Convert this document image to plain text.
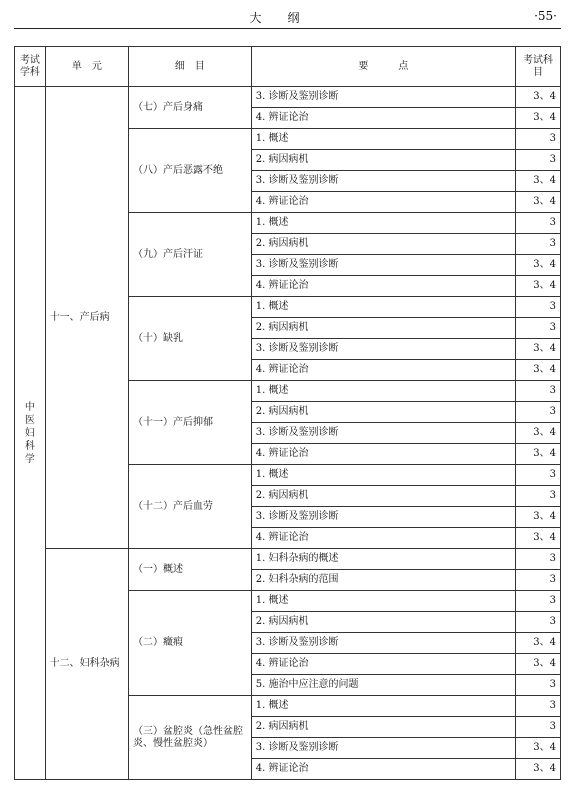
大纲	·55·
考试学科	单　元	细　目	要　　　点	考试科目
中医妇科学	十一、产后病	（七）产后身痛	3. 诊断及鉴别诊断	3、4
			4. 辨证论治	3、4
		（八）产后恶露不绝	1. 概述	3
			2. 病因病机	3
			3. 诊断及鉴别诊断	3、4
			4. 辨证论治	3、4
		（九）产后汗证	1. 概述	3
			2. 病因病机	3
			3. 诊断及鉴别诊断	3、4
			4. 辨证论治	3、4
		（十）缺乳	1. 概述	3
			2. 病因病机	3
			3. 诊断及鉴别诊断	3、4
			4. 辨证论治	3、4
		（十一）产后抑郁	1. 概述	3
			2. 病因病机	3
			3. 诊断及鉴别诊断	3、4
			4. 辨证论治	3、4
		（十二）产后血劳	1. 概述	3
			2. 病因病机	3
			3. 诊断及鉴别诊断	3、4
			4. 辨证论治	3、4
	十二、妇科杂病	（一）概述	1. 妇科杂病的概述	3
			2. 妇科杂病的范围	3
		（二）癥瘕	1. 概述	3
			2. 病因病机	3
			3. 诊断及鉴别诊断	3、4
			4. 辨证论治	3、4
			5. 施治中应注意的问题	3
		（三）盆腔炎（急性盆腔炎、慢性盆腔炎）	1. 概述	3
			2. 病因病机	3
			3. 诊断及鉴别诊断	3、4
			4. 辨证论治	3、4
